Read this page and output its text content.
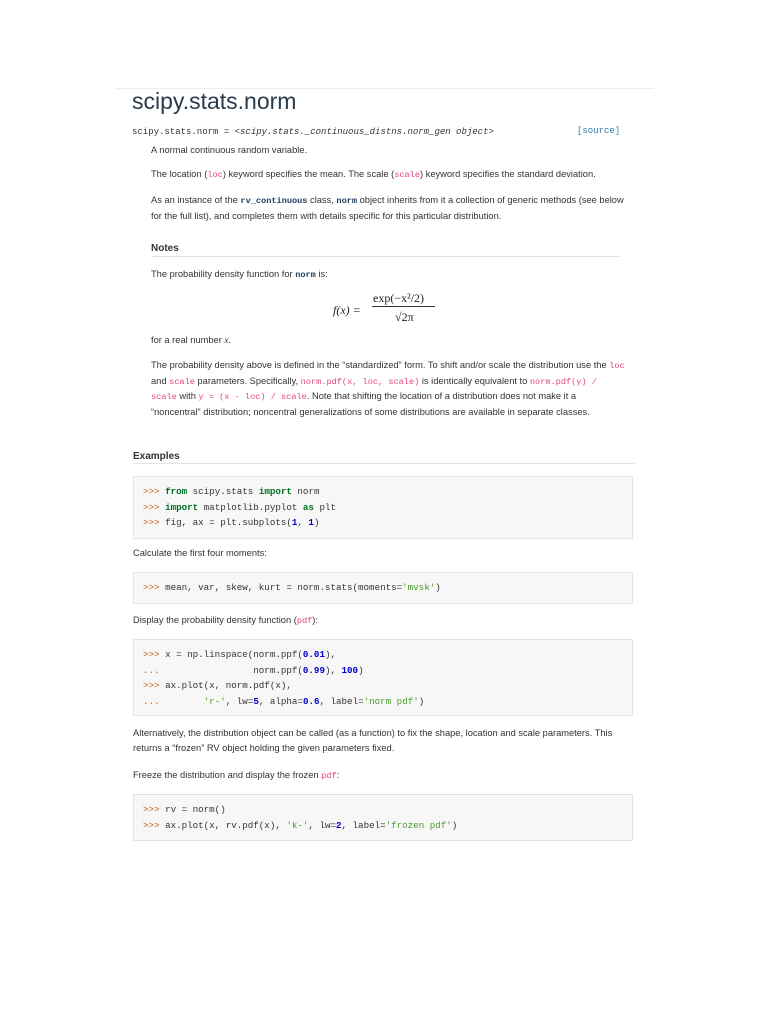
scipy.stats.norm
scipy.stats.norm = <scipy.stats._continuous_distns.norm_gen object>	[source]
A normal continuous random variable.
The location (loc) keyword specifies the mean. The scale (scale) keyword specifies the standard deviation.
As an instance of the rv_continuous class, norm object inherits from it a collection of generic methods (see below for the full list), and completes them with details specific for this particular distribution.
Notes
The probability density function for norm is:
f(x) =
exp(−x²/2)
√2π
for a real number x.
The probability density above is defined in the “standardized” form. To shift and/or scale the distribution use the loc and scale parameters. Specifically, norm.pdf(x, loc, scale) is identically equivalent to norm.pdf(y) / scale with y = (x - loc) / scale. Note that shifting the location of a distribution does not make it a “noncentral” distribution; noncentral generalizations of some distributions are available in separate classes.
Examples
>>> from scipy.stats import norm
>>> import matplotlib.pyplot as plt
>>> fig, ax = plt.subplots(1, 1)
Calculate the first four moments:
>>> mean, var, skew, kurt = norm.stats(moments='mvsk')
Display the probability density function (pdf):
>>> x = np.linspace(norm.ppf(0.01),
...                 norm.ppf(0.99), 100)
>>> ax.plot(x, norm.pdf(x),
...	'r-', lw=5, alpha=0.6, label='norm pdf')
Alternatively, the distribution object can be called (as a function) to fix the shape, location and scale parameters. This returns a “frozen” RV object holding the given parameters fixed.
Freeze the distribution and display the frozen pdf:
>>> rv = norm()
>>> ax.plot(x, rv.pdf(x), 'k-', lw=2, label='frozen pdf')
